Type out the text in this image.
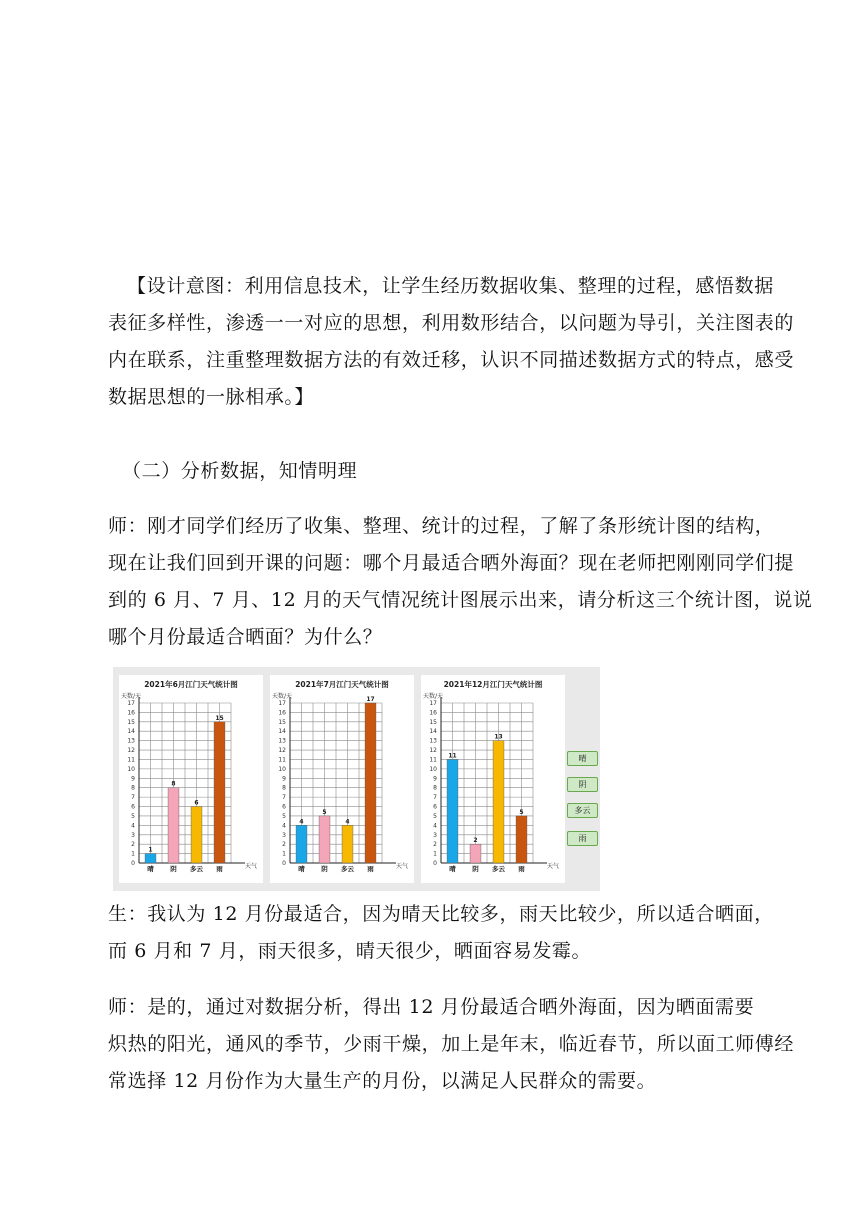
【设计意图：利用信息技术，让学生经历数据收集、整理的过程，感悟数据
表征多样性，渗透一一对应的思想，利用数形结合，以问题为导引，关注图表的
内在联系，注重整理数据方法的有效迁移，认识不同描述数据方式的特点，感受
数据思想的一脉相承。】
（二）分析数据，知情明理
师：刚才同学们经历了收集、整理、统计的过程，了解了条形统计图的结构，
现在让我们回到开课的问题：哪个月最适合晒外海面？现在老师把刚刚同学们提
到的 6 月、7 月、12 月的天气情况统计图展示出来，请分析这三个统计图，说说
哪个月份最适合晒面？为什么？
2021年6月江门天气统计图
天数/天
0
1
2
3
4
5
6
7
8
9
10
11
12
13
14
15
16
17
天气
1
晴
8
阴
6
多云
15
雨
2021年7月江门天气统计图
天数/天
0
1
2
3
4
5
6
7
8
9
10
11
12
13
14
15
16
17
天气
4
晴
5
阴
4
多云
17
雨
2021年12月江门天气统计图
天数/天
0
1
2
3
4
5
6
7
8
9
10
11
12
13
14
15
16
17
天气
11
晴
2
阴
13
多云
5
雨
晴
阴
多云
雨
生：我认为 12 月份最适合，因为晴天比较多，雨天比较少，所以适合晒面，
而 6 月和 7 月，雨天很多，晴天很少，晒面容易发霉。
师：是的，通过对数据分析，得出 12 月份最适合晒外海面，因为晒面需要
炽热的阳光，通风的季节，少雨干燥，加上是年末，临近春节，所以面工师傅经
常选择 12 月份作为大量生产的月份，以满足人民群众的需要。
